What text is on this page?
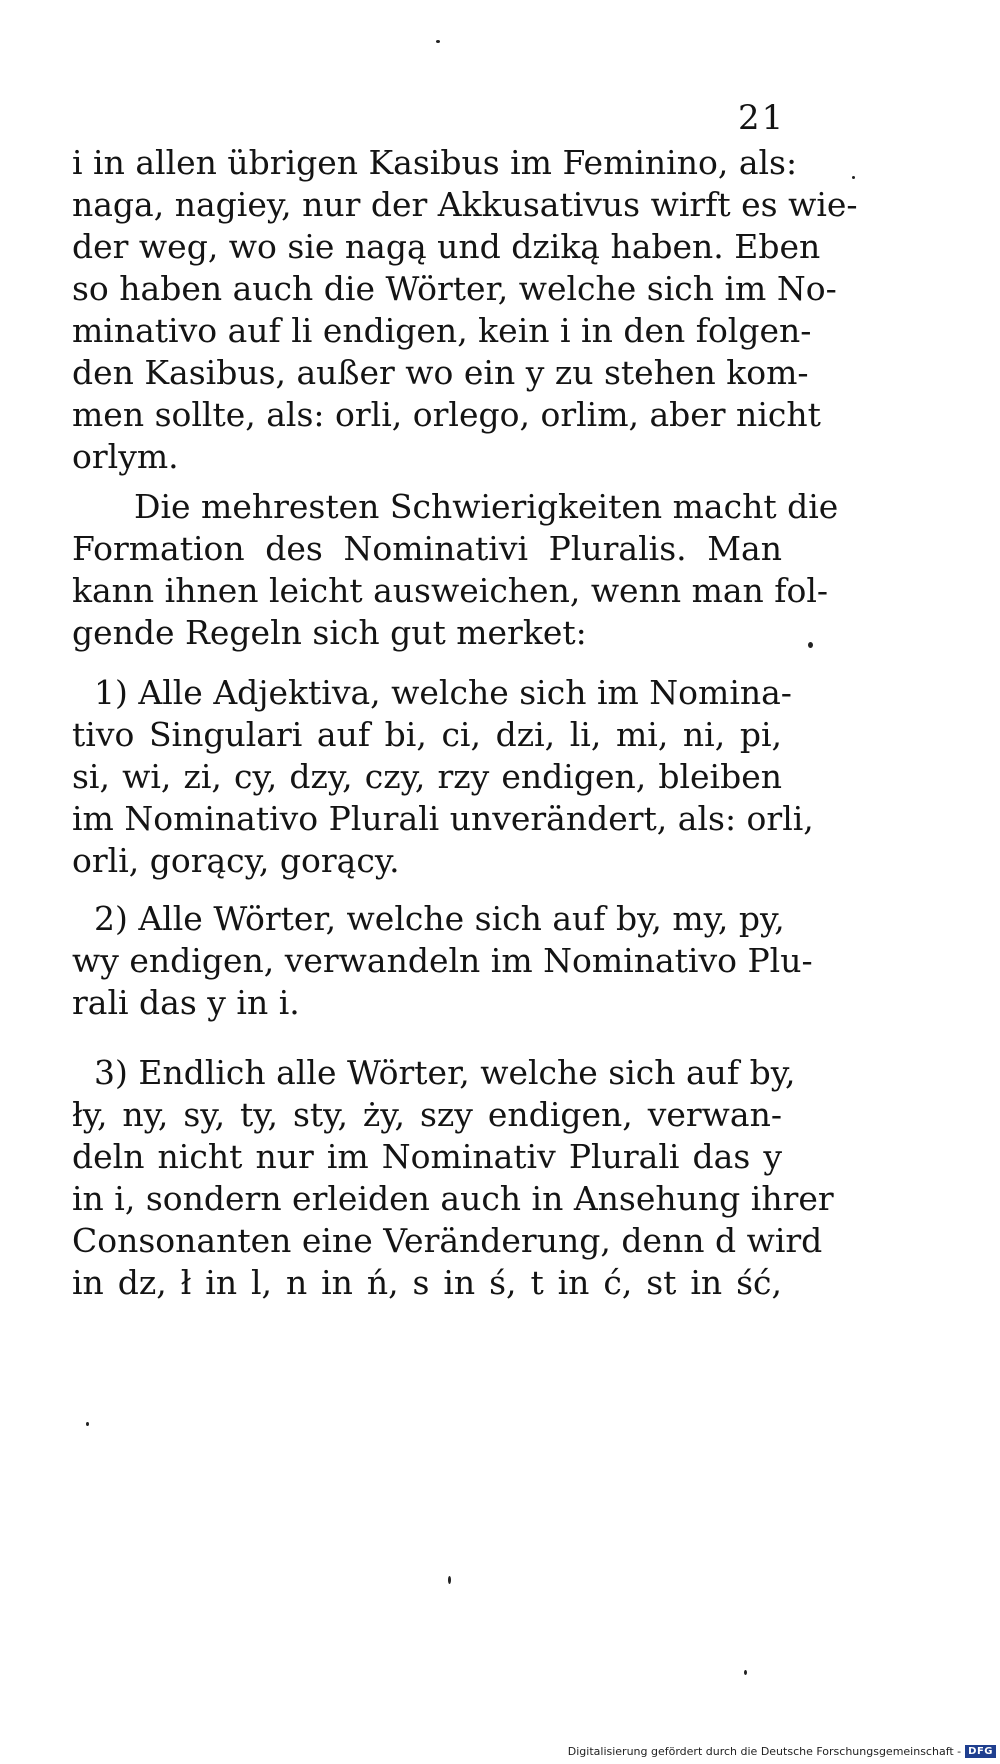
21
i in allen übrigen Kasibus im Feminino, als:
naga, nagiey, nur der Akkusativus wirft es wie-
der weg, wo sie nagą und dziką haben. Eben
so haben auch die Wörter, welche sich im No-
minativo auf li endigen, kein i in den folgen-
den Kasibus, außer wo ein y zu stehen kom-
men sollte, als: orli, orlego, orlim, aber nicht
orlym.
Die mehresten Schwierigkeiten macht die
Formation des Nominativi Pluralis. Man
kann ihnen leicht ausweichen, wenn man fol-
gende Regeln sich gut merket:
1) Alle Adjektiva, welche sich im Nomina-
tivo Singulari auf bi, ci, dzi, li, mi, ni, pi,
si, wi, zi, cy, dzy, czy, rzy endigen, bleiben
im Nominativo Plurali unverändert, als: orli,
orli, gorący, gorący.
2) Alle Wörter, welche sich auf by, my, py,
wy endigen, verwandeln im Nominativo Plu-
rali das y in i.
3) Endlich alle Wörter, welche sich auf by,
ły, ny, sy, ty, sty, ży, szy endigen, verwan-
deln nicht nur im Nominativ Plurali das y
in i, sondern erleiden auch in Ansehung ihrer
Consonanten eine Veränderung, denn d wird
in dz, ł in l, n in ń, s in ś, t in ć, st in ść,
Digitalisierung gefördert durch die Deutsche Forschungsgemeinschaft - DFG
